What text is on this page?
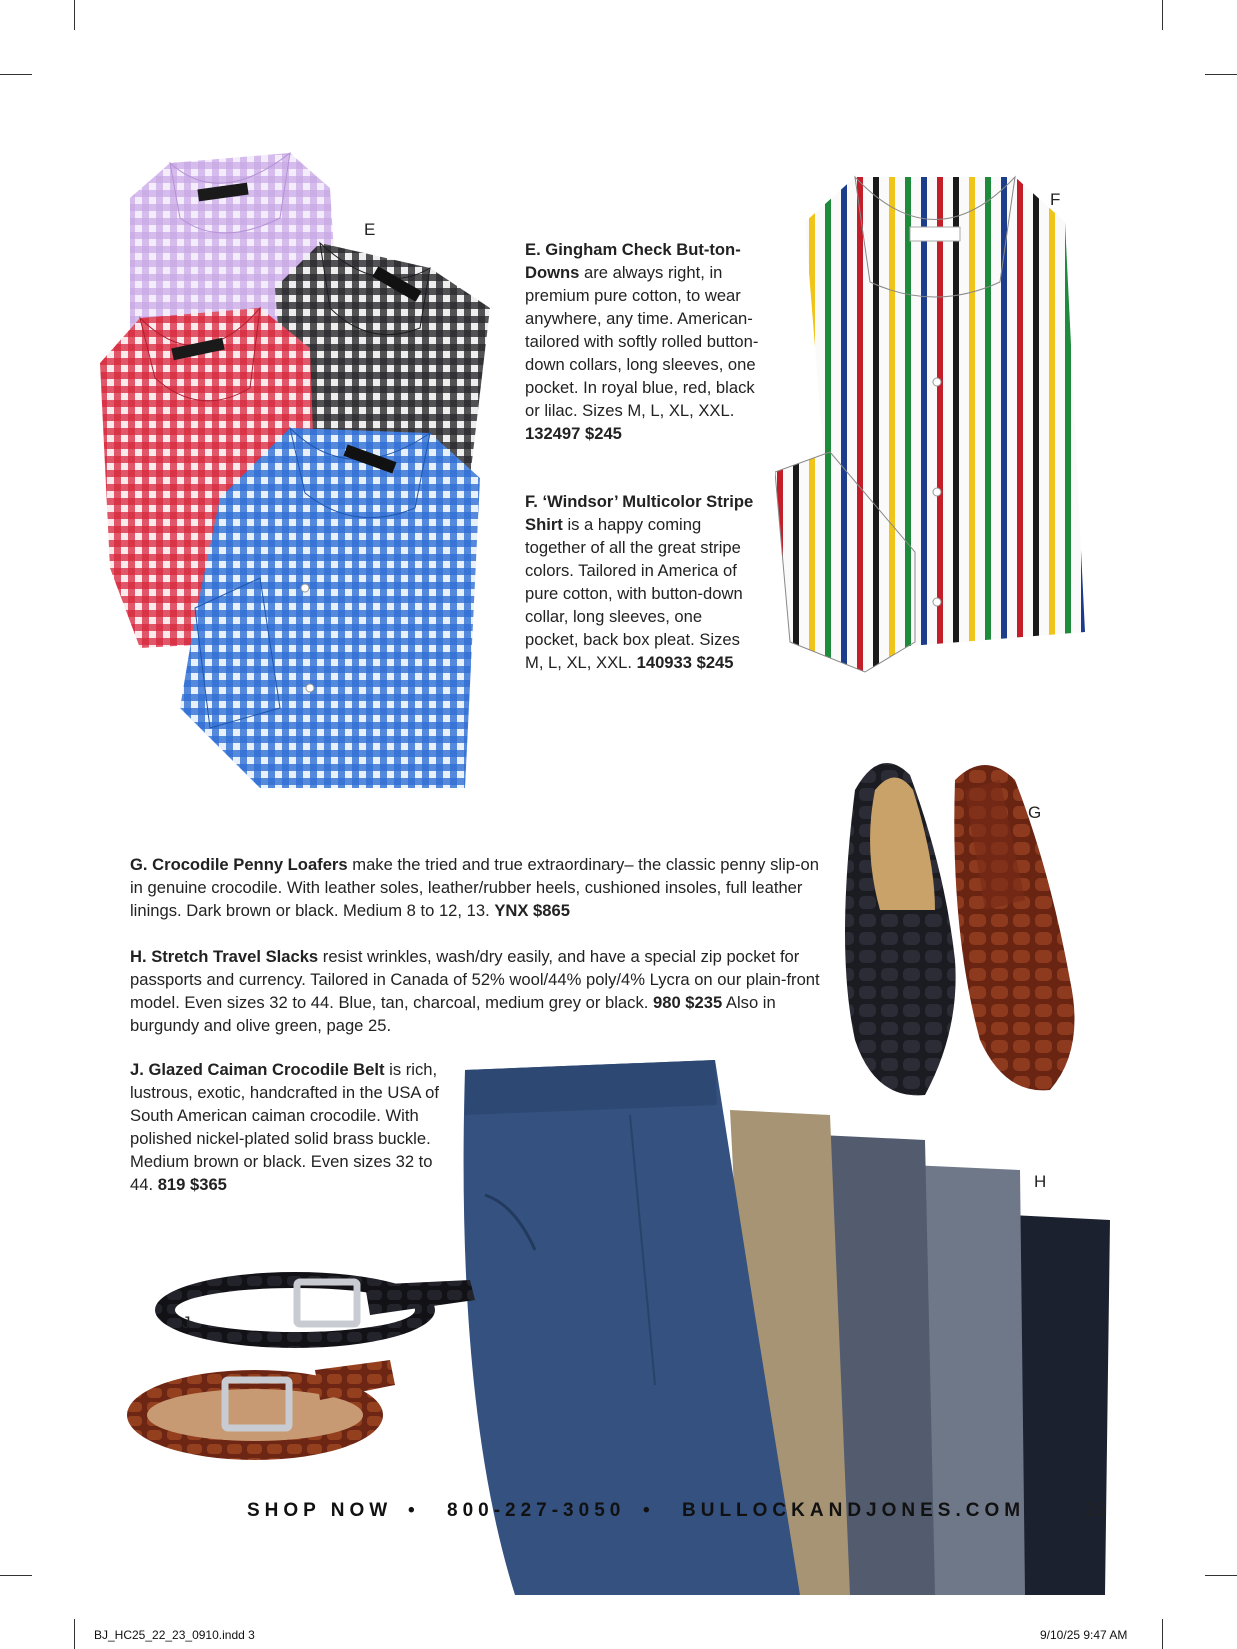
E
E. Gingham Check But-ton-Downs are always right, in premium pure cotton, to wear anywhere, any time. American-tailored with softly rolled button-down collars, long sleeves, one pocket. In royal blue, red, black or lilac. Sizes M, L, XL, XXL. 132497 $245
F. ‘Windsor’ Multicolor Stripe Shirt is a happy coming together of all the great stripe colors. Tailored in America of pure cotton, with button-down collar, long sleeves, one pocket, back box pleat. Sizes M, L, XL, XXL. 140933 $245
F
G
G. Crocodile Penny Loafers make the tried and true extraordinary– the classic penny slip-on in genuine crocodile. With leather soles, leather/rubber heels, cushioned insoles, full leather linings. Dark brown or black. Medium 8 to 12, 13. YNX $865
H. Stretch Travel Slacks resist wrinkles, wash/dry easily, and have a special zip pocket for passports and currency. Tailored in Canada of 52% wool/44% poly/4% Lycra on our plain-front model. Even sizes 32 to 44. Blue, tan, charcoal, medium grey or black. 980 $235 Also in burgundy and olive green, page 25.
J. Glazed Caiman Crocodile Belt is rich, lustrous, exotic, handcrafted in the USA of South American caiman crocodile. With polished nickel-plated solid brass buckle. Medium brown or black. Even sizes 32 to 44. 819 $365	H
J
SHOP NOW • 800-227-3050 • BULLOCKANDJONES.COM	23
BJ_HC25_22_23_0910.indd 3	9/10/25 9:47 AM
